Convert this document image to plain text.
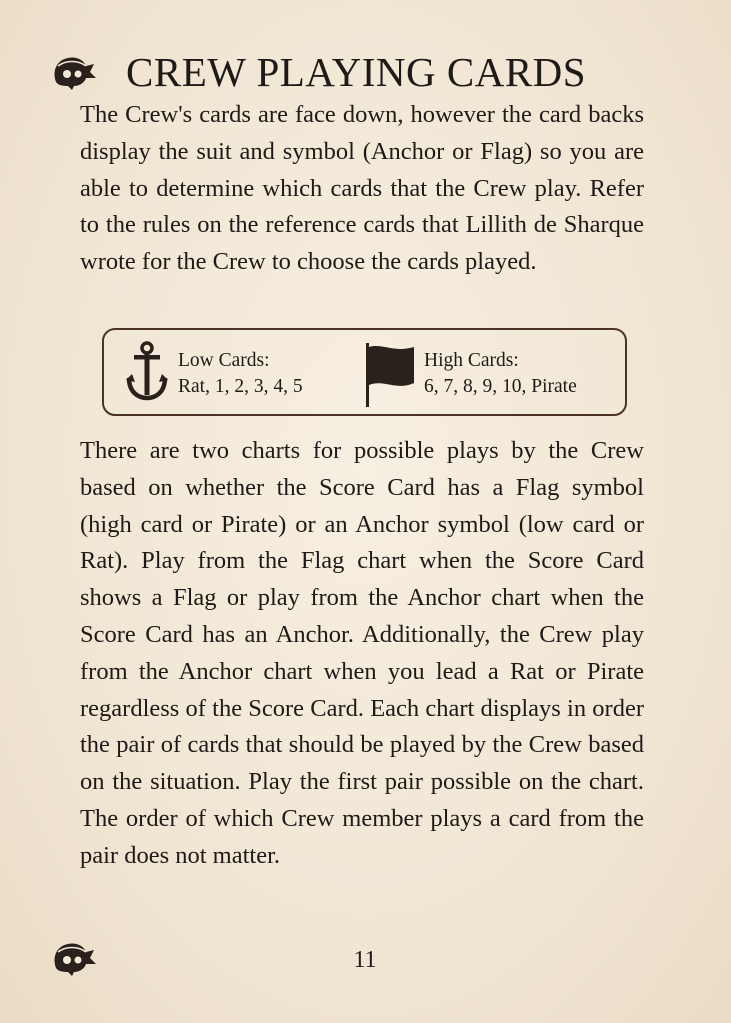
CREW PLAYING CARDS

The Crew's cards are face down, however the card backs display the suit and symbol (Anchor or Flag) so you are able to determine which cards that the Crew play. Refer to the rules on the reference cards that Lillith de Sharque wrote for the Crew to choose the cards played.

Low Cards:
Rat, 1, 2, 3, 4, 5
High Cards:
6, 7, 8, 9, 10, Pirate

There are two charts for possible plays by the Crew based on whether the Score Card has a Flag symbol (high card or Pirate) or an Anchor symbol (low card or Rat). Play from the Flag chart when the Score Card shows a Flag or play from the Anchor chart when the Score Card has an Anchor. Additionally, the Crew play from the Anchor chart when you lead a Rat or Pirate regardless of the Score Card. Each chart displays in order the pair of cards that should be played by the Crew based on the situation. Play the first pair possible on the chart. The order of which Crew member plays a card from the pair does not matter.

11
